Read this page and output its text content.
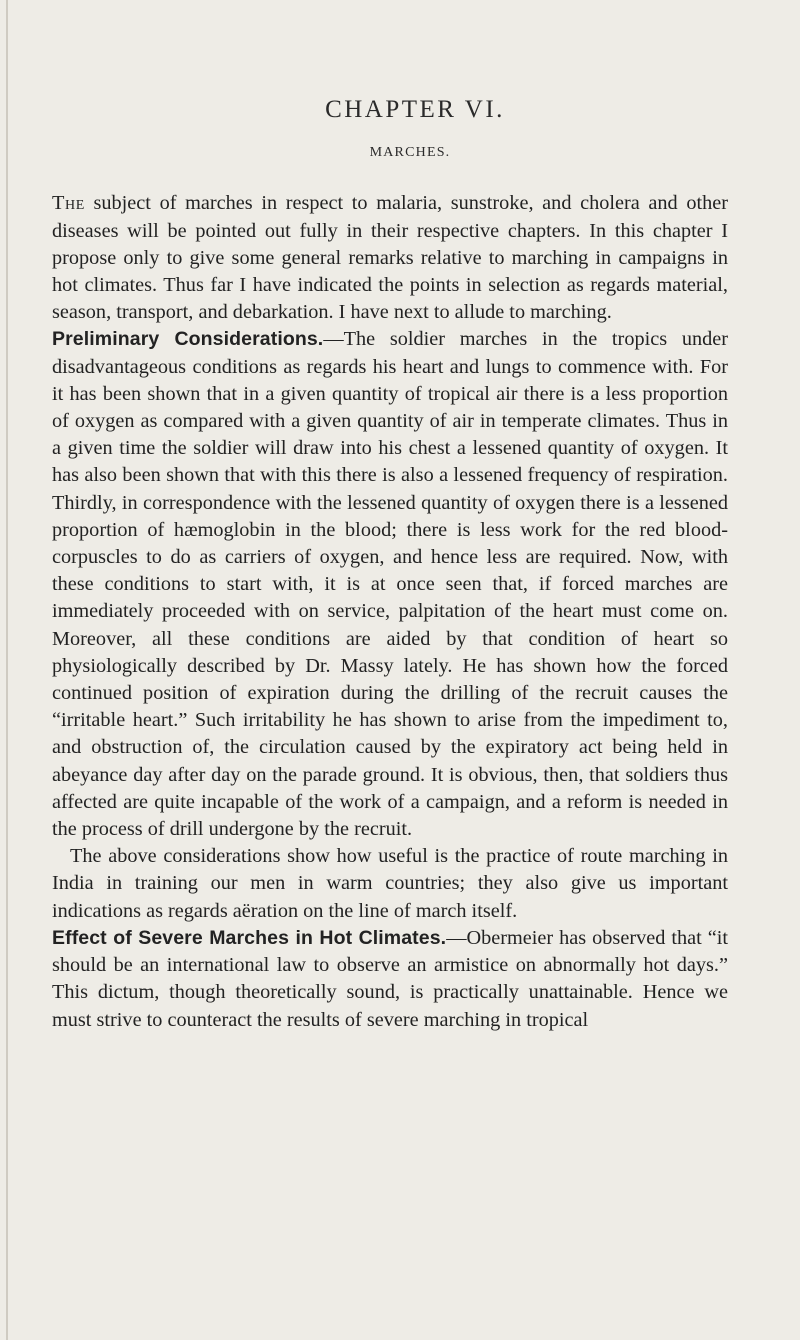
CHAPTER VI.
MARCHES.

The subject of marches in respect to malaria, sunstroke, and cholera and other diseases will be pointed out fully in their respective chapters. In this chapter I propose only to give some general remarks relative to marching in campaigns in hot climates. Thus far I have indicated the points in selection as regards material, season, transport, and debarkation. I have next to allude to marching.

Preliminary Considerations.—The soldier marches in the tropics under disadvantageous conditions as regards his heart and lungs to commence with. For it has been shown that in a given quantity of tropical air there is a less proportion of oxygen as compared with a given quantity of air in temperate climates. Thus in a given time the soldier will draw into his chest a lessened quantity of oxygen. It has also been shown that with this there is also a lessened frequency of respiration. Thirdly, in correspondence with the lessened quantity of oxygen there is a lessened proportion of hæmoglobin in the blood; there is less work for the red blood-corpuscles to do as carriers of oxygen, and hence less are required. Now, with these conditions to start with, it is at once seen that, if forced marches are immediately proceeded with on service, palpitation of the heart must come on. Moreover, all these conditions are aided by that condition of heart so physiologically described by Dr. Massy lately. He has shown how the forced continued position of expiration during the drilling of the recruit causes the “irritable heart.” Such irritability he has shown to arise from the impediment to, and obstruction of, the circulation caused by the expiratory act being held in abeyance day after day on the parade ground. It is obvious, then, that soldiers thus affected are quite incapable of the work of a campaign, and a reform is needed in the process of drill undergone by the recruit.

The above considerations show how useful is the practice of route marching in India in training our men in warm countries; they also give us important indications as regards aëration on the line of march itself.

Effect of Severe Marches in Hot Climates.—Obermeier has observed that “it should be an international law to observe an armistice on abnormally hot days.” This dictum, though theoretically sound, is practically unattainable. Hence we must strive to counteract the results of severe marching in tropical
